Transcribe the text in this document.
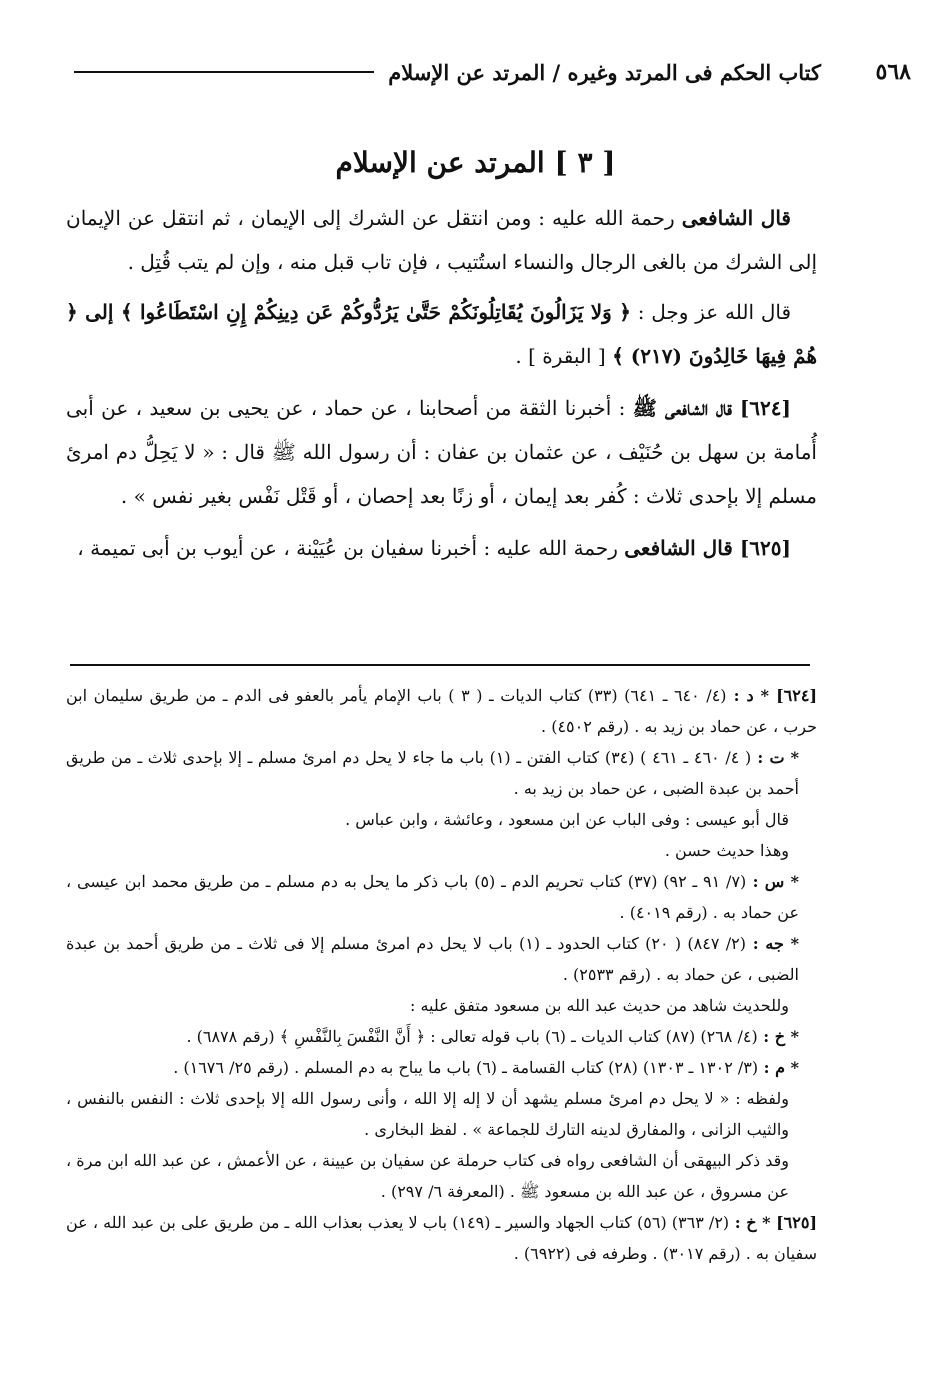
٥٦٨
كتاب الحكم فى المرتد وغيره / المرتد عن الإسلام
[ ٣ ] المرتد عن الإسلام

قال الشافعى رحمة الله عليه : ومن انتقل عن الشرك إلى الإيمان ، ثم انتقل عن الإيمان إلى الشرك من بالغى الرجال والنساء استُتيب ، فإن تاب قبل منه ، وإن لم يتب قُتِل .

قال الله عز وجل : ﴿ وَلا يَزَالُونَ يُقَاتِلُونَكُمْ حَتَّىٰ يَرُدُّوكُمْ عَن دِينِكُمْ إِنِ اسْتَطَاعُوا ﴾ إلى ﴿ هُمْ فِيهَا خَالِدُونَ (٢١٧) ﴾ [ البقرة ] .

[٦٢٤] قال الشافعى ﷺ : أخبرنا الثقة من أصحابنا ، عن حماد ، عن يحيى بن سعيد ، عن أبى أُمامة بن سهل بن حُنَيْف ، عن عثمان بن عفان : أن رسول الله ﷺ قال : « لا يَحِلُّ دم امرئ مسلم إلا بإحدى ثلاث : كُفر بعد إيمان ، أو زنًا بعد إحصان ، أو قَتْل نَفْس بغير نفس » .

[٦٢٥] قال الشافعى رحمة الله عليه : أخبرنا سفيان بن عُيَيْنة ، عن أيوب بن أبى تميمة ،

[٦٢٤] * د : (٤/ ٦٤٠ ـ ٦٤١) (٣٣) كتاب الديات ـ ( ٣ ) باب الإمام يأمر بالعفو فى الدم ـ من طريق سليمان ابن حرب ، عن حماد بن زيد به . (رقم ٤٥٠٢) .

* ت : ( ٤/ ٤٦٠ ـ ٤٦١ ) (٣٤) كتاب الفتن ـ (١) باب ما جاء لا يحل دم امرئ مسلم ـ إلا بإحدى ثلاث ـ من طريق أحمد بن عبدة الضبى ، عن حماد بن زيد به .

قال أبو عيسى : وفى الباب عن ابن مسعود ، وعائشة ، وابن عباس .

وهذا حديث حسن .

* س : (٧/ ٩١ ـ ٩٢) (٣٧) كتاب تحريم الدم ـ (٥) باب ذكر ما يحل به دم مسلم ـ من طريق محمد ابن عيسى ، عن حماد به . (رقم ٤٠١٩) .

* جه : (٢/ ٨٤٧) ( ٢٠) كتاب الحدود ـ (١) باب لا يحل دم امرئ مسلم إلا فى ثلاث ـ من طريق أحمد بن عبدة الضبى ، عن حماد به . (رقم ٢٥٣٣) .

وللحديث شاهد من حديث عبد الله بن مسعود متفق عليه :

* خ : (٤/ ٢٦٨) (٨٧) كتاب الديات ـ (٦) باب قوله تعالى : ﴿ أَنَّ النَّفْسَ بِالنَّفْسِ ﴾ (رقم ٦٨٧٨) .

* م : (٣/ ١٣٠٢ ـ ١٣٠٣) (٢٨) كتاب القسامة ـ (٦) باب ما يباح به دم المسلم . (رقم ٢٥/ ١٦٧٦) .

ولفظه : « لا يحل دم امرئ مسلم يشهد أن لا إله إلا الله ، وأنى رسول الله إلا بإحدى ثلاث : النفس بالنفس ، والثيب الزانى ، والمفارق لدينه التارك للجماعة » . لفظ البخارى .

وقد ذكر البيهقى أن الشافعى رواه فى كتاب حرملة عن سفيان بن عيينة ، عن الأعمش ، عن عبد الله ابن مرة ، عن مسروق ، عن عبد الله بن مسعود ﷺ . (المعرفة ٦/ ٢٩٧) .

[٦٢٥] * خ : (٢/ ٣٦٣) (٥٦) كتاب الجهاد والسير ـ (١٤٩) باب لا يعذب بعذاب الله ـ من طريق على بن عبد الله ، عن سفيان به . (رقم ٣٠١٧) . وطرفه فى (٦٩٢٢) .
